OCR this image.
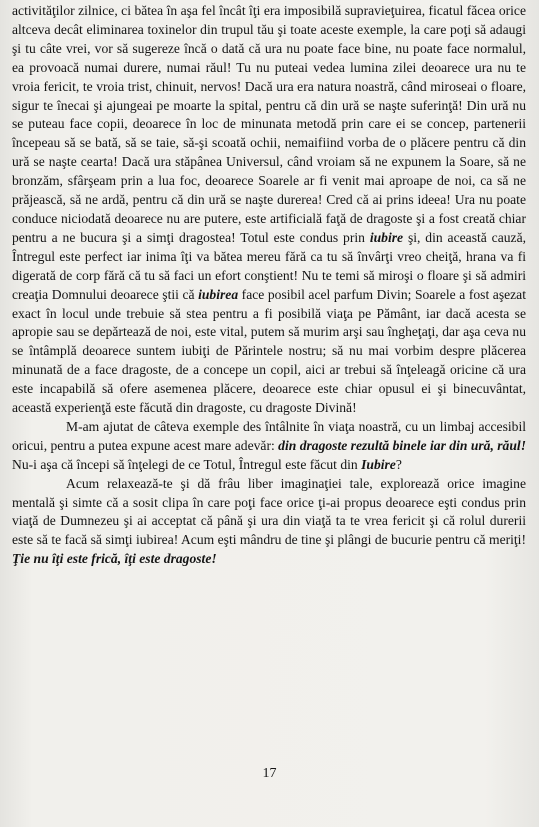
activităţilor zilnice, ci bătea în aşa fel încât îţi era imposibilă supravieţuirea, ficatul făcea orice altceva decât eliminarea toxinelor din trupul tău şi toate aceste exemple, la care poţi să adaugi şi tu câte vrei, vor să sugereze încă o dată că ura nu poate face bine, nu poate face normalul, ea provoacă numai durere, numai răul! Tu nu puteai vedea lumina zilei deoarece ura nu te vroia fericit, te vroia trist, chinuit, nervos! Dacă ura era natura noastră, când miroseai o floare, sigur te înecai şi ajungeai pe moarte la spital, pentru că din ură se naşte suferinţă! Din ură nu se puteau face copii, deoarece în loc de minunata metodă prin care ei se concep, partenerii începeau să se bată, să se taie, să-şi scoată ochii, nemaifiind vorba de o plăcere pentru că din ură se naşte cearta! Dacă ura stăpânea Universul, când vroiam să ne expunem la Soare, să ne bronzăm, sfârşeam prin a lua foc, deoarece Soarele ar fi venit mai aproape de noi, ca să ne prăjească, să ne ardă, pentru că din ură se naşte durerea! Cred că ai prins ideea! Ura nu poate conduce niciodată deoarece nu are putere, este artificială faţă de dragoste şi a fost creată chiar pentru a ne bucura şi a simţi dragostea! Totul este condus prin iubire şi, din această cauză, Întregul este perfect iar inima îţi va bătea mereu fără ca tu să învârţi vreo cheiţă, hrana va fi digerată de corp fără că tu să faci un efort conştient! Nu te temi să miroşi o floare şi să admiri creaţia Domnului deoarece ştii că iubirea face posibil acel parfum Divin; Soarele a fost aşezat exact în locul unde trebuie să stea pentru a fi posibilă viaţa pe Pământ, iar dacă acesta se apropie sau se depărtează de noi, este vital, putem să murim arşi sau îngheţaţi, dar aşa ceva nu se întâmplă deoarece suntem iubiţi de Părintele nostru; să nu mai vorbim despre plăcerea minunată de a face dragoste, de a concepe un copil, aici ar trebui să înţeleagă oricine că ura este incapabilă să ofere asemenea plăcere, deoarece este chiar opusul ei şi binecuvântat, această experienţă este făcută din dragoste, cu dragoste Divină!

M-am ajutat de câteva exemple des întâlnite în viaţa noastră, cu un limbaj accesibil oricui, pentru a putea expune acest mare adevăr: din dragoste rezultă binele iar din ură, răul! Nu-i aşa că începi să înţelegi de ce Totul, Întregul este făcut din Iubire?

Acum relaxează-te şi dă frâu liber imaginaţiei tale, explorează orice imagine mentală şi simte că a sosit clipa în care poţi face orice ţi-ai propus deoarece eşti condus prin viaţă de Dumnezeu şi ai acceptat că până şi ura din viaţă ta te vrea fericit şi că rolul durerii este să te facă să simţi iubirea! Acum eşti mândru de tine şi plângi de bucurie pentru că meriţi! Ţie nu îţi este frică, îţi este dragoste!

17
